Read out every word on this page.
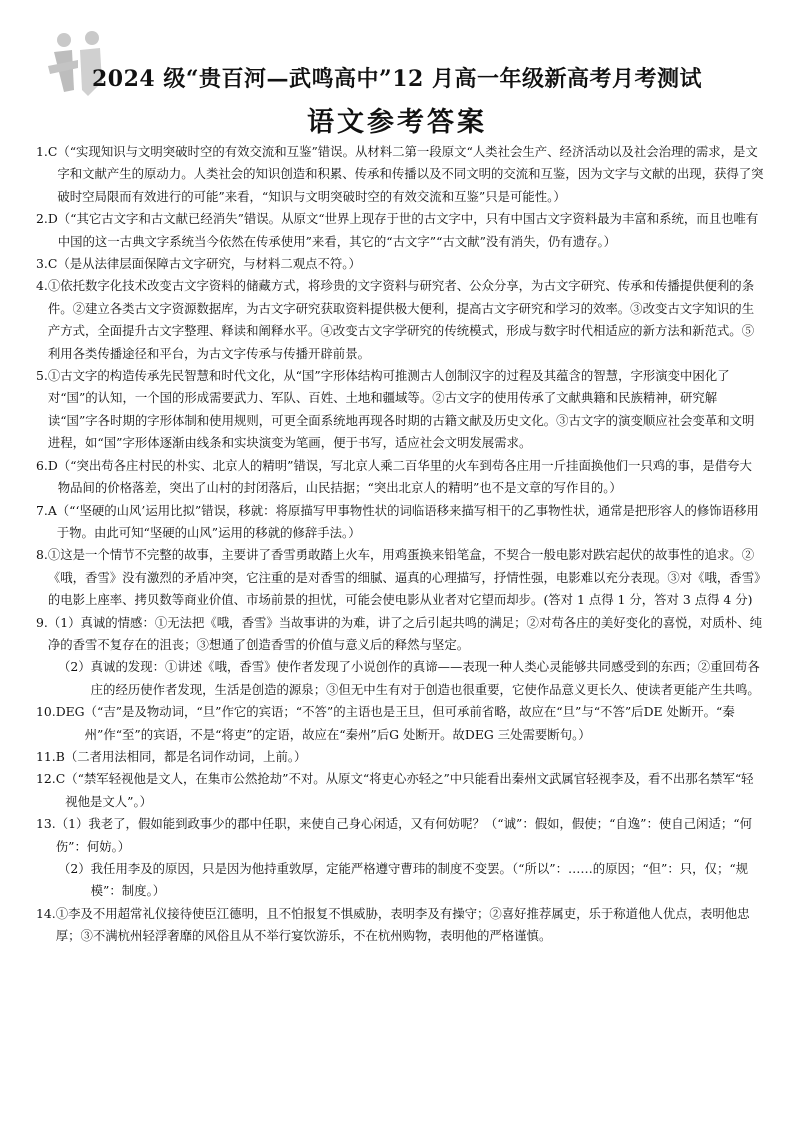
2024 级“贵百河—武鸣高中”12 月高一年级新高考月考测试
语文参考答案
1.C （“实现知识与文明突破时空的有效交流和互鉴”错误。从材料二第一段原文“人类社会生产、经济活动以及社会治理的需求，是文字和文献产生的原动力。人类社会的知识创造和积累、传承和传播以及不同文明的交流和互鉴，因为文字与文献的出现，获得了突破时空局限而有效进行的可能”来看，“知识与文明突破时空的有效交流和互鉴”只是可能性。）
2.D （“其它古文字和古文献已经消失”错误。从原文“世界上现存于世的古文字中，只有中国古文字资料最为丰富和系统，而且也唯有中国的这一古典文字系统当今依然在传承使用”来看，其它的“古文字”“古文献”没有消失，仍有遗存。）
3.C （是从法律层面保障古文字研究，与材料二观点不符。）
4. ①依托数字化技术改变古文字资料的储藏方式，将珍贵的文字资料与研究者、公众分享，为古文字研究、传承和传播提供便利的条件。②建立各类古文字资源数据库，为古文字研究获取资料提供极大便利，提高古文字研究和学习的效率。③改变古文字知识的生产方式，全面提升古文字整理、释读和阐释水平。④改变古文字学研究的传统模式，形成与数字时代相适应的新方法和新范式。⑤利用各类传播途径和平台，为古文字传承与传播开辟前景。
5. ①古文字的构造传承先民智慧和时代文化，从“国”字形体结构可推测古人创制汉字的过程及其蕴含的智慧，字形演变中困化了对“国”的认知，一个国的形成需要武力、军队、百姓、土地和疆域等。②古文字的使用传承了文献典籍和民族精神，研究解读“国”字各时期的字形体制和使用规则，可更全面系统地再现各时期的古籍文献及历史文化。③古文字的演变顺应社会变革和文明进程，如“国”字形体逐渐由线条和实块演变为笔画，便于书写，适应社会文明发展需求。
6.D （“突出苟各庄村民的朴实、北京人的精明”错误，写北京人乘二百华里的火车到苟各庄用一斤挂面换他们一只鸡的事，是借夸大物品间的价格落差，突出了山村的封闭落后，山民拮据；“突出北京人的精明”也不是文章的写作目的。）
7.A （“‘坚硬的山风’运用比拟”错误，移就：将原描写甲事物性状的词临语移来描写相干的乙事物性状，通常是把形容人的修饰语移用于物。由此可知“坚硬的山风”运用的移就的修辞手法。）
8. ①这是一个情节不完整的故事，主要讲了香雪勇敢踏上火车，用鸡蛋换来铅笔盒，不契合一般电影对跌宕起伏的故事性的追求。②《哦，香雪》没有激烈的矛盾冲突，它注重的是对香雪的细腻、逼真的心理描写，抒情性强，电影难以充分表现。③对《哦，香雪》的电影上座率、拷贝数等商业价值、市场前景的担忧，可能会使电影从业者对它望而却步。(答对 1 点得 1 分，答对 3 点得 4 分)
9. （1）真诚的情感：①无法把《哦，香雪》当故事讲的为难，讲了之后引起共鸣的满足；②对苟各庄的美好变化的喜悦，对质朴、纯净的香雪不复存在的沮丧；③想通了创造香雪的价值与意义后的释然与坚定。
（2） 真诚的发现：①讲述《哦，香雪》使作者发现了小说创作的真谛——表现一种人类心灵能够共同感受到的东西；②重回苟各庄的经历使作者发现，生活是创造的源泉；③但无中生有对于创造也很重要，它使作品意义更长久、使读者更能产生共鸣。
10.DEG （“吉”是及物动词，“旦”作它的宾语；“不答”的主语也是王旦，但可承前省略，故应在“旦”与“不答”后DE 处断开。“秦州”作“至”的宾语，不是“将吏”的定语，故应在“秦州”后G 处断开。故DEG 三处需要断句。）
11.B （二者用法相同，都是名词作动词，上前。）
12.C （“禁军轻视他是文人，在集市公然抢劫”不对。从原文“将吏心亦轻之”中只能看出秦州文武属官轻视李及，看不出那名禁军“轻视他是文人”。）
13. （1）我老了，假如能到政事少的郡中任职，来使自己身心闲适，又有何妨呢？（“诚”：假如，假使；“自逸”：使自己闲适；“何伤”：何妨。）
（2） 我任用李及的原因，只是因为他持重敦厚，定能严格遵守曹玮的制度不变罢。（“所以”：……的原因；“但”：只，仅；“规模”：制度。）
14. ①李及不用超常礼仪接待使臣江德明，且不怕报复不惧威胁，表明李及有操守；②喜好推荐属吏，乐于称道他人优点，表明他忠厚；③不满杭州轻浮奢靡的风俗且从不举行宴饮游乐，不在杭州购物，表明他的严格谨慎。
